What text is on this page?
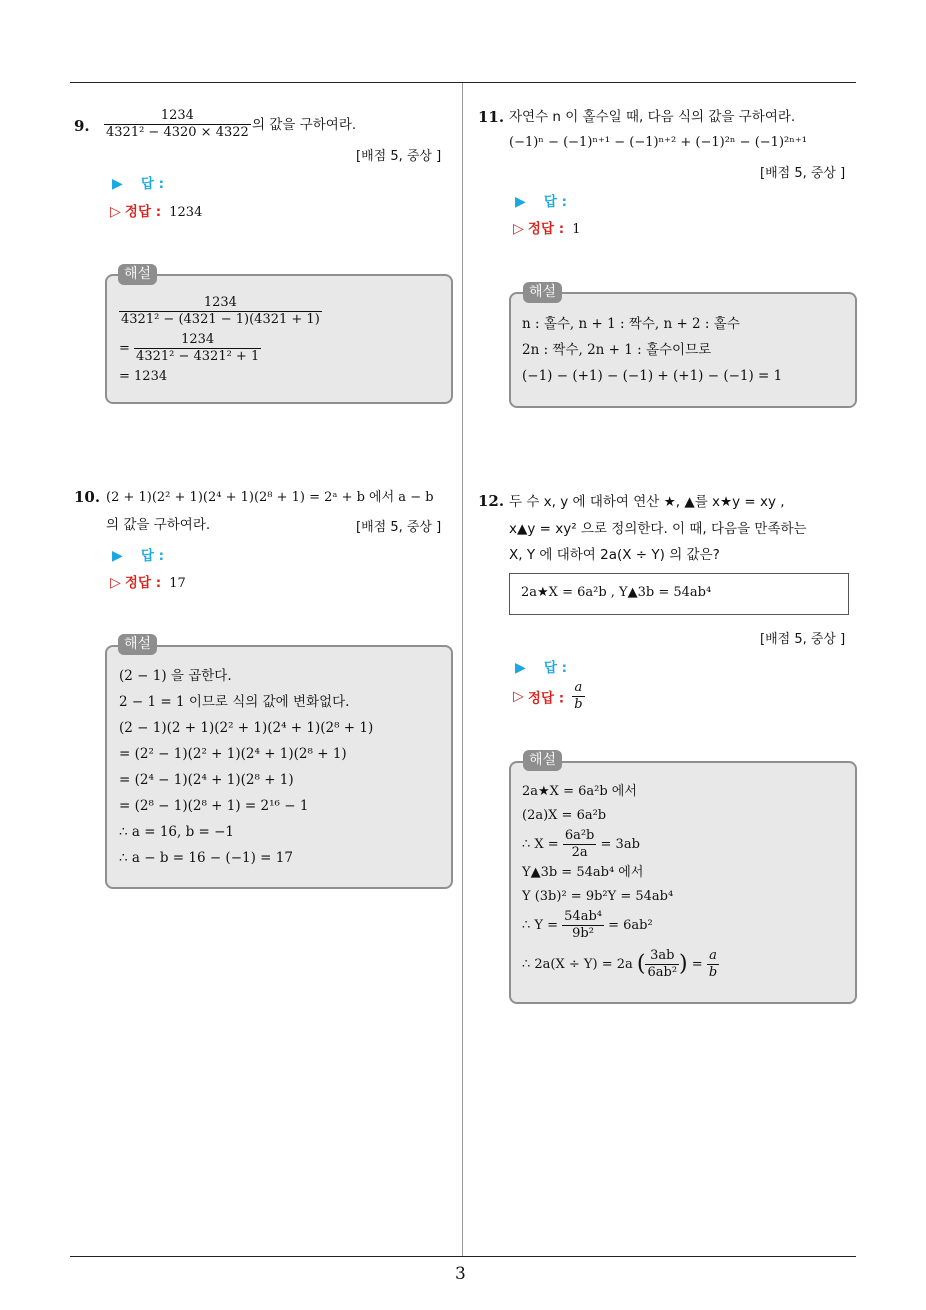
3
9. $\frac{1234}{\text{4321² − 4320 × 4322}}$ 의 값을 구하여라.
[배점 5, 중상 ]
▶ 답 :
▷ 정답 : 1234
해설
$\frac{1234}{\text{4321² − (4321 − 1)(4321 + 1)}}$
= $\frac{1234}{\text{4321² − 4321² + 1}}$
= 1234
10. (2 + 1)(2² + 1)(2⁴ + 1)(2⁸ + 1) = 2ᵃ + b 에서 a − b
의 값을 구하여라.	[배점 5, 중상 ]
▶ 답 :
▷ 정답 : 17
해설
(2 − 1) 을 곱한다.
2 − 1 = 1 이므로 식의 값에 변화없다.
(2 − 1)(2 + 1)(2² + 1)(2⁴ + 1)(2⁸ + 1)
= (2² − 1)(2² + 1)(2⁴ + 1)(2⁸ + 1)
= (2⁴ − 1)(2⁴ + 1)(2⁸ + 1)
= (2⁸ − 1)(2⁸ + 1) = 2¹⁶ − 1
∴ a = 16, b = −1
∴ a − b = 16 − (−1) = 17
11. 자연수 n 이 홀수일 때, 다음 식의 값을 구하여라.
(−1)ⁿ − (−1)ⁿ⁺¹ − (−1)ⁿ⁺² + (−1)²ⁿ − (−1)²ⁿ⁺¹
[배점 5, 중상 ]
▶ 답 :
▷ 정답 : 1
해설
n : 홀수, n + 1 : 짝수, n + 2 : 홀수
2n : 짝수, 2n + 1 : 홀수이므로
(−1) − (+1) − (−1) + (+1) − (−1) = 1
12. 두 수 x, y 에 대하여 연산 ★, ▲를 x★y = xy ,
x▲y = xy² 으로 정의한다. 이 때, 다음을 만족하는
X, Y 에 대하여 2a(X ÷ Y) 의 값은?
2a★X = 6a²b , Y▲3b = 54ab⁴
[배점 5, 중상 ]
▶ 답 :
▷ 정답 : $\frac{a}{b}$
해설
2a★X = 6a²b 에서
(2a)X = 6a²b
∴ $X = \frac{\text{6a²b}}{2a} = 3ab$
Y▲3b = 54ab⁴ 에서
Y (3b)² = 9b²Y = 54ab⁴
∴ $Y = \frac{\text{54ab⁴}}{\text{9b²}} = 6ab^2$
∴ 2a(X ÷ Y) = 2a ( $\frac{3ab}{\text{6ab²}}$ ) = $\frac{a}{b}$
